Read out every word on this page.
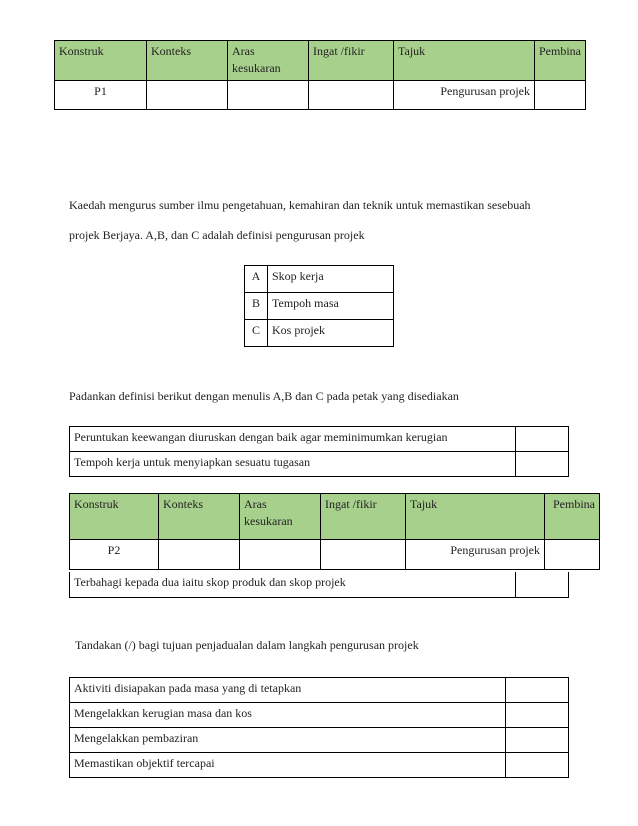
Konstruk	Konteks	Aras kesukaran	Ingat /fikir	Tajuk	Pembina
P1				Pengurusan projek	

Kaedah mengurus sumber ilmu pengetahuan, kemahiran dan teknik untuk memastikan sesebuah

projek Berjaya. A,B, dan C adalah definisi pengurusan projek

A	Skop kerja
B	Tempoh masa
C	Kos projek

Padankan definisi berikut dengan menulis A,B dan C pada petak yang disediakan

Peruntukan keewangan diuruskan dengan baik agar meminimumkan kerugian	
Tempoh kerja untuk menyiapkan sesuatu tugasan	
Konstruk	Konteks	Aras kesukaran	Ingat /fikir	Tajuk	Pembina
P2				Pengurusan projek	
Terbahagi kepada dua iaitu skop produk dan skop projek	

Tandakan (/) bagi tujuan penjadualan dalam langkah pengurusan projek

Aktiviti disiapakan pada masa yang di tetapkan	
Mengelakkan kerugian masa dan kos	
Mengelakkan pembaziran	
Memastikan objektif tercapai	
